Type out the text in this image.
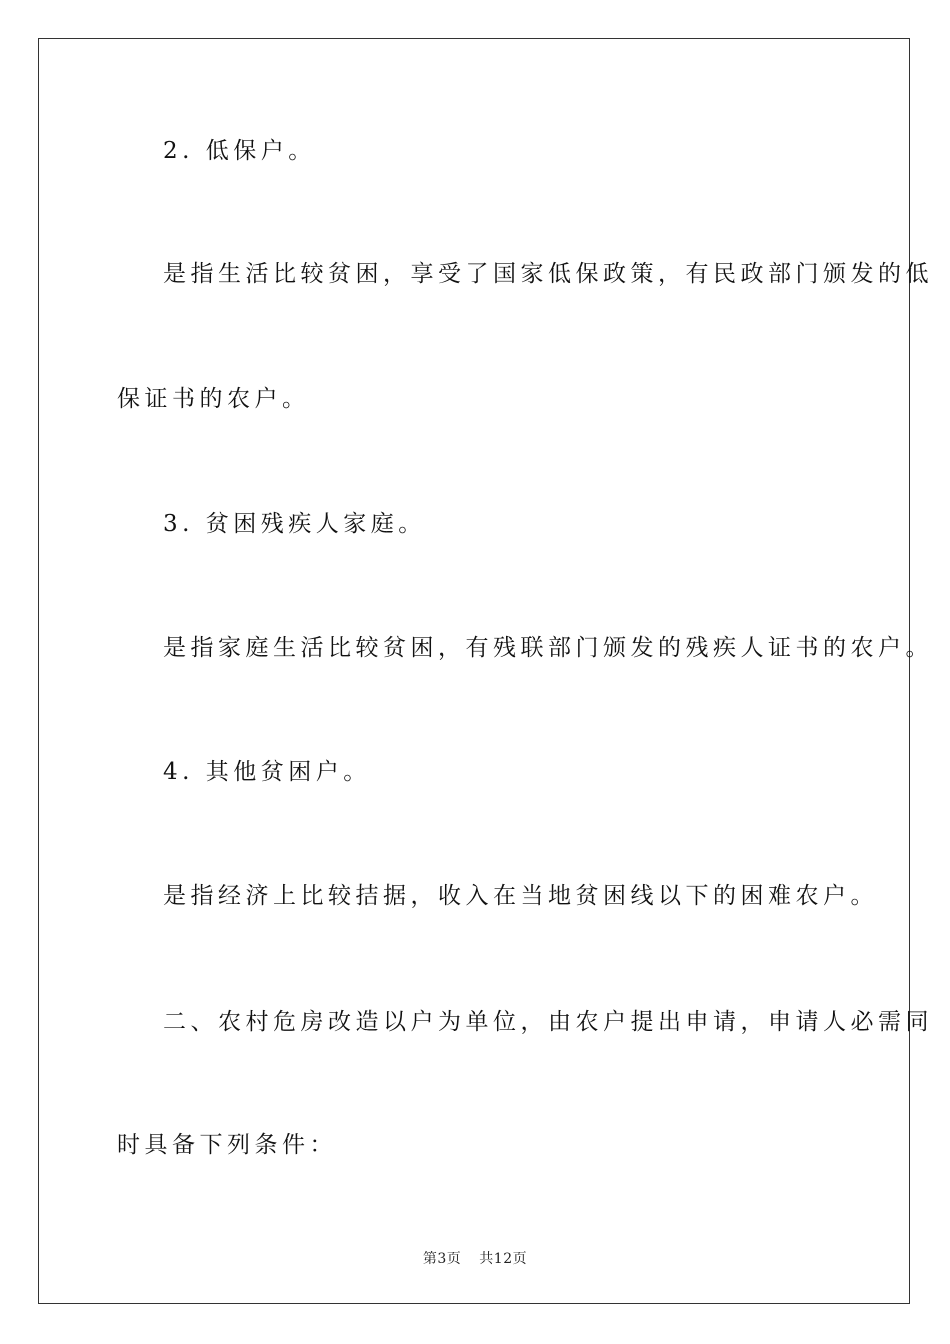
2. 低保户。
是指生活比较贫困，享受了国家低保政策，有民政部门颁发的低
保证书的农户。
3. 贫困残疾人家庭。
是指家庭生活比较贫困，有残联部门颁发的残疾人证书的农户。
4. 其他贫困户。
是指经济上比较拮据，收入在当地贫困线以下的困难农户。
二、农村危房改造以户为单位，由农户提出申请，申请人必需同
时具备下列条件：
第3页 共12页
